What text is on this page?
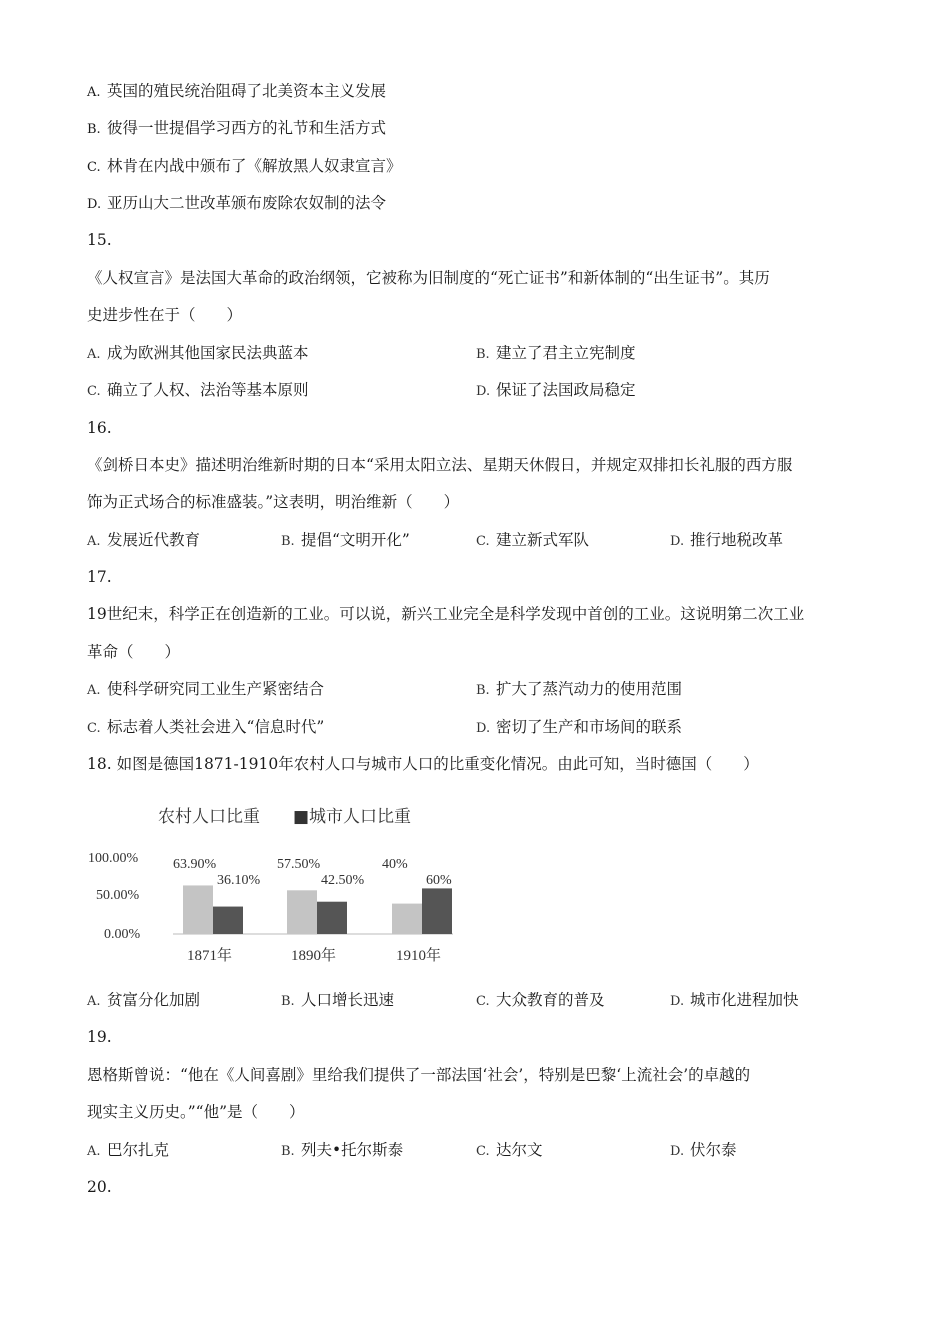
A. 英国的殖民统治阻碍了北美资本主义发展
B. 彼得一世提倡学习西方的礼节和生活方式
C. 林肯在内战中颁布了《解放黑人奴隶宣言》
D. 亚历山大二世改革颁布废除农奴制的法令
15.
《人权宣言》是法国大革命的政治纲领，它被称为旧制度的“死亡证书”和新体制的“出生证书”。其历
史进步性在于（　　）
A. 成为欧洲其他国家民法典蓝本	B. 建立了君主立宪制度
C. 确立了人权、法治等基本原则	D. 保证了法国政局稳定
16.
《剑桥日本史》描述明治维新时期的日本“采用太阳立法、星期天休假日，并规定双排扣长礼服的西方服
饰为正式场合的标准盛装。”这表明，明治维新（　　）
A. 发展近代教育	B. 提倡“文明开化”	C. 建立新式军队	D. 推行地税改革
17.
19世纪末，科学正在创造新的工业。可以说，新兴工业完全是科学发现中首创的工业。这说明第二次工业
革命（　　）
A. 使科学研究同工业生产紧密结合	B. 扩大了蒸汽动力的使用范围
C. 标志着人类社会进入“信息时代”	D. 密切了生产和市场间的联系
18. 如图是德国1871-1910年农村人口与城市人口的比重变化情况。由此可知，当时德国（　　）
农村人口比重 ■城市人口比重
100.00%
50.00%
0.00%
63.90%
36.10%
1871年
57.50%
42.50%
1890年
40%
60%
1910年
A. 贫富分化加剧	B. 人口增长迅速	C. 大众教育的普及	D. 城市化进程加快
19.
恩格斯曾说：“他在《人间喜剧》里给我们提供了一部法国‘社会’，特别是巴黎‘上流社会’的卓越的
现实主义历史。”“他”是（　　）
A. 巴尔扎克	B. 列夫•托尔斯泰	C. 达尔文	D. 伏尔泰
20.
